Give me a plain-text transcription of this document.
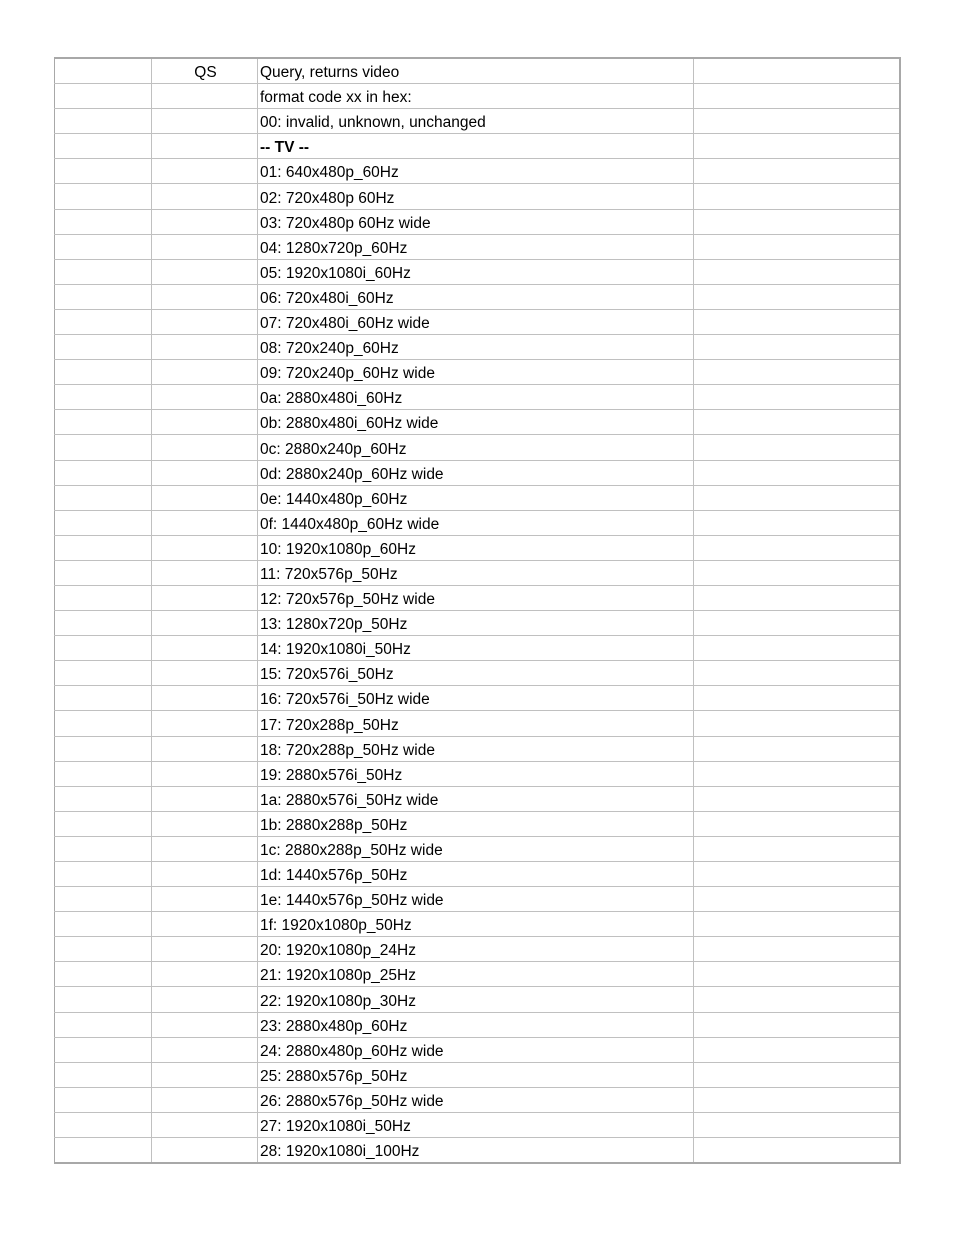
	QS	Query, returns video	
		format code xx in hex:	
		00: invalid, unknown, unchanged	
		-- TV --	
		01: 640x480p_60Hz	
		02: 720x480p 60Hz	
		03: 720x480p 60Hz wide	
		04: 1280x720p_60Hz	
		05: 1920x1080i_60Hz	
		06: 720x480i_60Hz	
		07: 720x480i_60Hz wide	
		08: 720x240p_60Hz	
		09: 720x240p_60Hz wide	
		0a: 2880x480i_60Hz	
		0b: 2880x480i_60Hz wide	
		0c: 2880x240p_60Hz	
		0d: 2880x240p_60Hz wide	
		0e: 1440x480p_60Hz	
		0f: 1440x480p_60Hz wide	
		10: 1920x1080p_60Hz	
		11: 720x576p_50Hz	
		12: 720x576p_50Hz wide	
		13: 1280x720p_50Hz	
		14: 1920x1080i_50Hz	
		15: 720x576i_50Hz	
		16: 720x576i_50Hz wide	
		17: 720x288p_50Hz	
		18: 720x288p_50Hz wide	
		19: 2880x576i_50Hz	
		1a: 2880x576i_50Hz wide	
		1b: 2880x288p_50Hz	
		1c: 2880x288p_50Hz wide	
		1d: 1440x576p_50Hz	
		1e: 1440x576p_50Hz wide	
		1f: 1920x1080p_50Hz	
		20: 1920x1080p_24Hz	
		21: 1920x1080p_25Hz	
		22: 1920x1080p_30Hz	
		23: 2880x480p_60Hz	
		24: 2880x480p_60Hz wide	
		25: 2880x576p_50Hz	
		26: 2880x576p_50Hz wide	
		27: 1920x1080i_50Hz	
		28: 1920x1080i_100Hz	
